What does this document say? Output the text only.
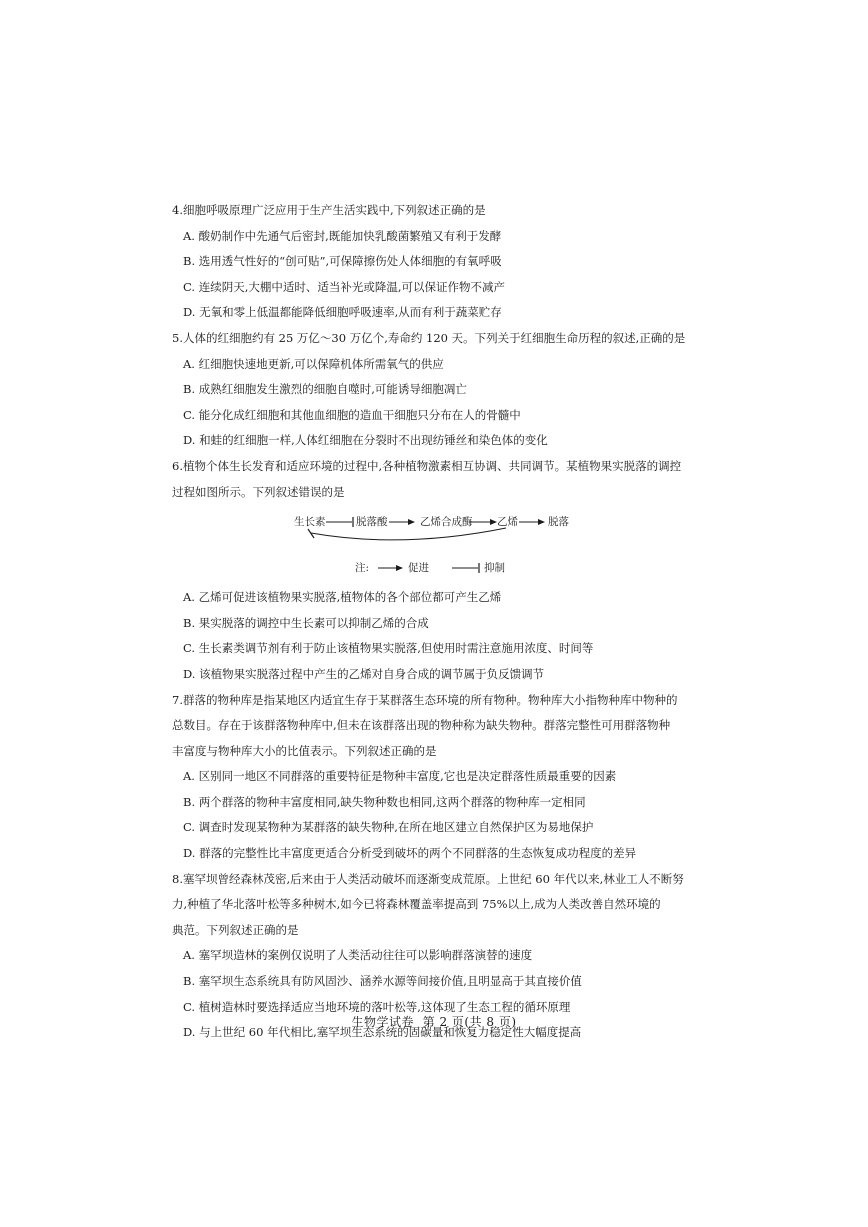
4.细胞呼吸原理广泛应用于生产生活实践中,下列叙述正确的是
A. 酸奶制作中先通气后密封,既能加快乳酸菌繁殖又有利于发酵
B. 选用透气性好的“创可贴”,可保障擦伤处人体细胞的有氧呼吸
C. 连续阴天,大棚中适时、适当补光或降温,可以保证作物不减产
D. 无氧和零上低温都能降低细胞呼吸速率,从而有利于蔬菜贮存
5.人体的红细胞约有 25 万亿～30 万亿个,寿命约 120 天。下列关于红细胞生命历程的叙述,正确的是
A. 红细胞快速地更新,可以保障机体所需氧气的供应
B. 成熟红细胞发生激烈的细胞自噬时,可能诱导细胞凋亡
C. 能分化成红细胞和其他血细胞的造血干细胞只分布在人的骨髓中
D. 和蛙的红细胞一样,人体红细胞在分裂时不出现纺锤丝和染色体的变化
6.植物个体生长发育和适应环境的过程中,各种植物激素相互协调、共同调节。某植物果实脱落的调控
过程如图所示。下列叙述错误的是
生长素	脱落酸	乙烯合成酶 乙烯	脱落
注:	促进	抑制
A. 乙烯可促进该植物果实脱落,植物体的各个部位都可产生乙烯
B. 果实脱落的调控中生长素可以抑制乙烯的合成
C. 生长素类调节剂有利于防止该植物果实脱落,但使用时需注意施用浓度、时间等
D. 该植物果实脱落过程中产生的乙烯对自身合成的调节属于负反馈调节
7.群落的物种库是指某地区内适宜生存于某群落生态环境的所有物种。物种库大小指物种库中物种的
总数目。存在于该群落物种库中,但未在该群落出现的物种称为缺失物种。群落完整性可用群落物种
丰富度与物种库大小的比值表示。下列叙述正确的是
A. 区别同一地区不同群落的重要特征是物种丰富度,它也是决定群落性质最重要的因素
B. 两个群落的物种丰富度相同,缺失物种数也相同,这两个群落的物种库一定相同
C. 调查时发现某物种为某群落的缺失物种,在所在地区建立自然保护区为易地保护
D. 群落的完整性比丰富度更适合分析受到破坏的两个不同群落的生态恢复成功程度的差异
8.塞罕坝曾经森林茂密,后来由于人类活动破坏而逐渐变成荒原。上世纪 60 年代以来,林业工人不断努
力,种植了华北落叶松等多种树木,如今已将森林覆盖率提高到 75%以上,成为人类改善自然环境的
典范。下列叙述正确的是
A. 塞罕坝造林的案例仅说明了人类活动往往可以影响群落演替的速度
B. 塞罕坝生态系统具有防风固沙、涵养水源等间接价值,且明显高于其直接价值
C. 植树造林时要选择适应当地环境的落叶松等,这体现了生态工程的循环原理
D. 与上世纪 60 年代相比,塞罕坝生态系统的固碳量和恢复力稳定性大幅度提高
生物学试卷 第 2 页(共 8 页)
